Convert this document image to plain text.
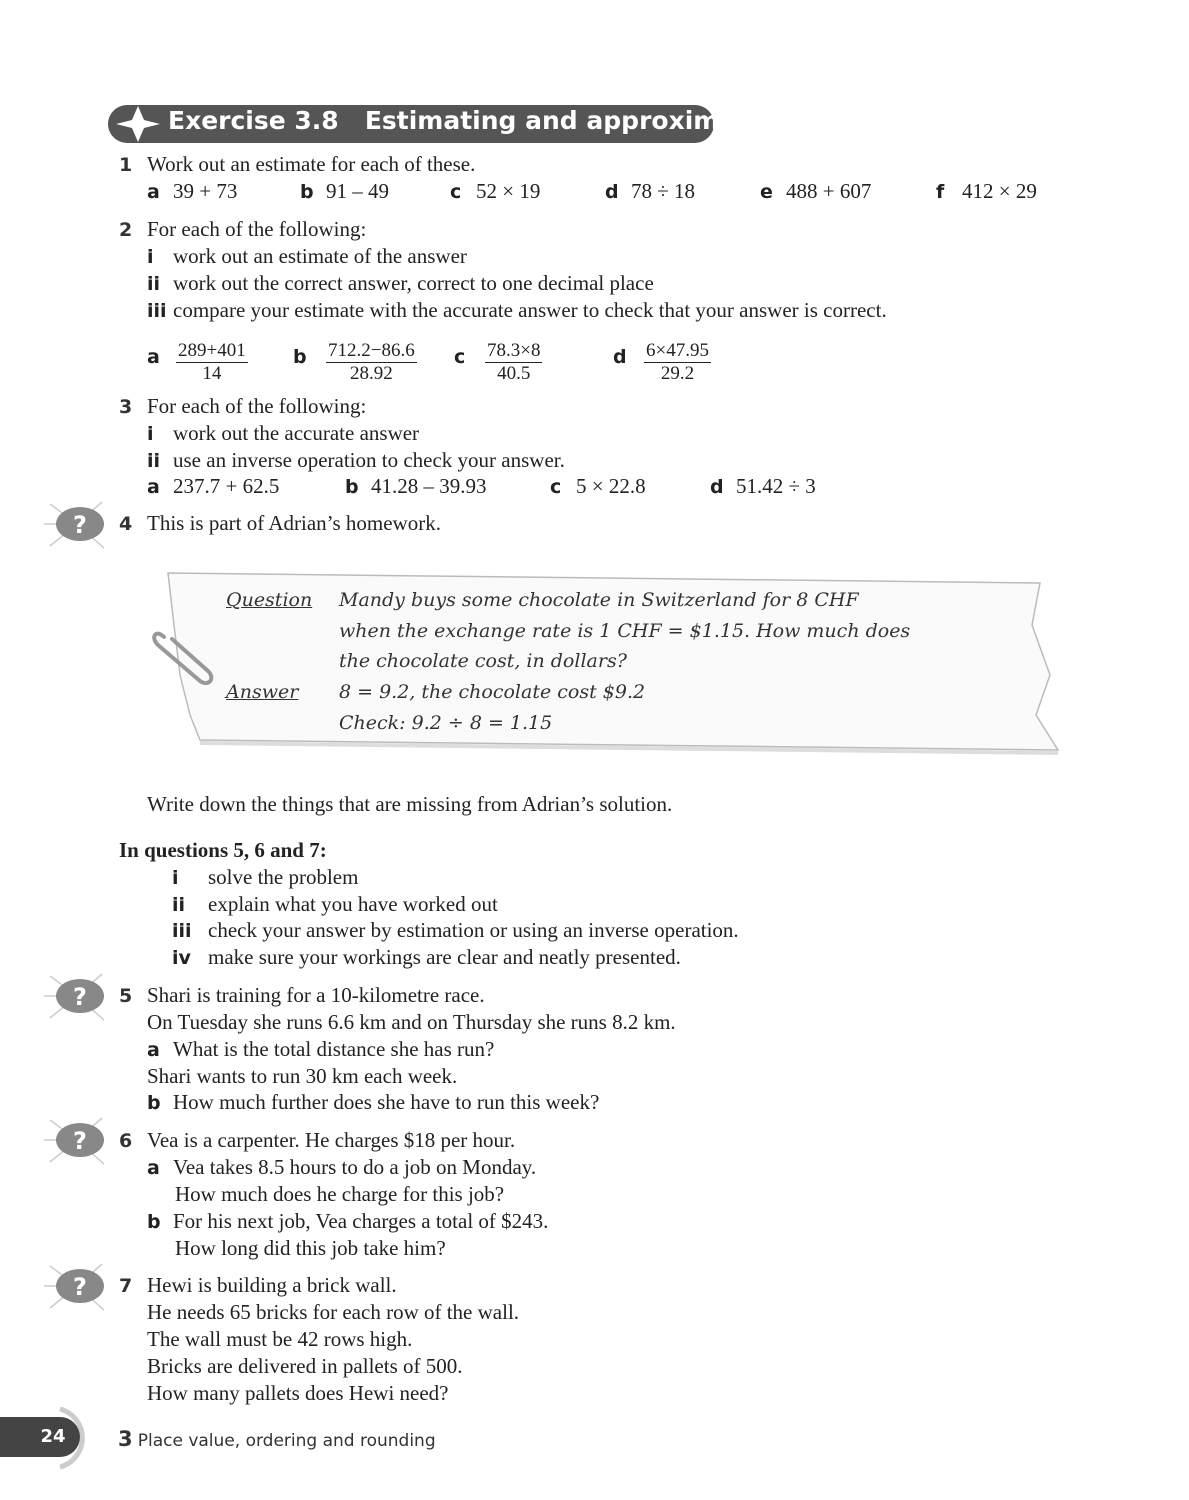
Exercise 3.8 Estimating and approximating
1 Work out an estimate for each of these.
a 39 + 73	b 91 – 49	c 52 × 19	d 78 ÷ 18	e 488 + 607	f 412 × 29
2 For each of the following:
i work out an estimate of the answer
ii work out the correct answer, correct to one decimal place
iii compare your estimate with the accurate answer to check that your answer is correct.
a $\frac{289+401}{14}$ b	$\frac{712.2-86.6}{28.92}$ c	$\frac{78.3\times 8}{40.5}$	d $\frac{6\times 47.95}{29.2}$
3 For each of the following:
i work out the accurate answer
ii use an inverse operation to check your answer.
a 237.7 + 62.5	b 41.28 – 39.93	c 5 × 22.8	d 51.42 ÷ 3
?
?
?
?
4 This is part of Adrian’s homework.
Question Mandy buys some chocolate in Switzerland for 8 CHF
when the exchange rate is 1 CHF = $1.15. How much does
the chocolate cost, in dollars?
Answer 8 = 9.2, the chocolate cost $9.2
Check: 9.2 ÷ 8 = 1.15
Write down the things that are missing from Adrian’s solution.
In questions 5, 6 and 7:
i solve the problem
ii explain what you have worked out
iii check your answer by estimation or using an inverse operation.
iv make sure your workings are clear and neatly presented.
5 Shari is training for a 10-kilometre race.
On Tuesday she runs 6.6 km and on Thursday she runs 8.2 km.
a What is the total distance she has run?
Shari wants to run 30 km each week.
b How much further does she have to run this week?
6 Vea is a carpenter. He charges $18 per hour.
a Vea takes 8.5 hours to do a job on Monday.
How much does he charge for this job?
b For his next job, Vea charges a total of $243.
How long did this job take him?
7 Hewi is building a brick wall.
He needs 65 bricks for each row of the wall.
The wall must be 42 rows high.
Bricks are delivered in pallets of 500.
How many pallets does Hewi need?
24	3 Place value, ordering and rounding
